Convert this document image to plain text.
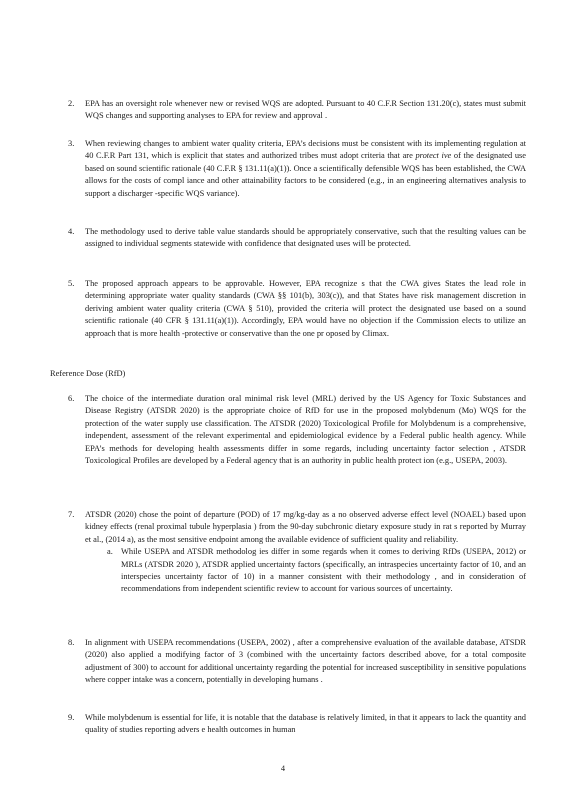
2. EPA has an oversight role whenever new or revised WQS are adopted. Pursuant to 40 C.F.R Section 131.20(c), states must submit WQS changes and supporting analyses to EPA for review and approval .

3. When reviewing changes to ambient water quality criteria, EPA’s decisions must be consistent with its implementing regulation at 40 C.F.R Part 131, which is explicit that states and authorized tribes must adopt criteria that are protect ive of the designated use based on sound scientific rationale (40 C.F.R § 131.11(a)(1)). Once a scientifically defensible WQS has been established, the CWA allows for the costs of compl iance and other attainability factors to be considered (e.g., in an engineering alternatives analysis to support a discharger -specific WQS variance).

4. The methodology used to derive table value standards should be appropriately conservative, such that the resulting values can be assigned to individual segments statewide with confidence that designated uses will be protected.

5. The proposed approach appears to be approvable. However, EPA recognize s that the CWA gives States the lead role in determining appropriate water quality standards (CWA §§ 101(b), 303(c)), and that States have risk management discretion in deriving ambient water quality criteria (CWA § 510), provided the criteria will protect the designated use based on a sound scientific rationale (40 CFR § 131.11(a)(1)). Accordingly, EPA would have no objection if the Commission elects to utilize an approach that is more health -protective or conservative than the one pr oposed by Climax.

Reference Dose (RfD)
6. The choice of the intermediate duration oral minimal risk level (MRL) derived by the US Agency for Toxic Substances and Disease Registry (ATSDR 2020) is the appropriate choice of RfD for use in the proposed molybdenum (Mo) WQS for the protection of the water supply use classification. The ATSDR (2020) Toxicological Profile for Molybdenum is a comprehensive, independent, assessment of the relevant experimental and epidemiological evidence by a Federal public health agency. While EPA’s methods for developing health assessments differ in some regards, including uncertainty factor selection , ATSDR Toxicological Profiles are developed by a Federal agency that is an authority in public health protect ion (e.g., USEPA, 2003).

7. ATSDR (2020) chose the point of departure (POD) of 17 mg/kg-day as a no observed adverse effect level (NOAEL) based upon kidney effects (renal proximal tubule hyperplasia ) from the 90-day subchronic dietary exposure study in rat s reported by Murray et al., (2014 a), as the most sensitive endpoint among the available evidence of sufficient quality and reliability.

a. While USEPA and ATSDR methodolog ies differ in some regards when it comes to deriving RfDs (USEPA, 2012) or MRLs (ATSDR 2020 ), ATSDR applied uncertainty factors (specifically, an intraspecies uncertainty factor of 10, and an interspecies uncertainty factor of 10) in a manner consistent with their methodology , and in consideration of recommendations from independent scientific review to account for various sources of uncertainty.

8. In alignment with USEPA recommendations (USEPA, 2002) , after a comprehensive evaluation of the available database, ATSDR (2020) also applied a modifying factor of 3 (combined with the uncertainty factors described above, for a total composite adjustment of 300) to account for additional uncertainty regarding the potential for increased susceptibility in sensitive populations where copper intake was a concern, potentially in developing humans .

9. While molybdenum is essential for life, it is notable that the database is relatively limited, in that it appears to lack the quantity and quality of studies reporting advers e health outcomes in human

4
